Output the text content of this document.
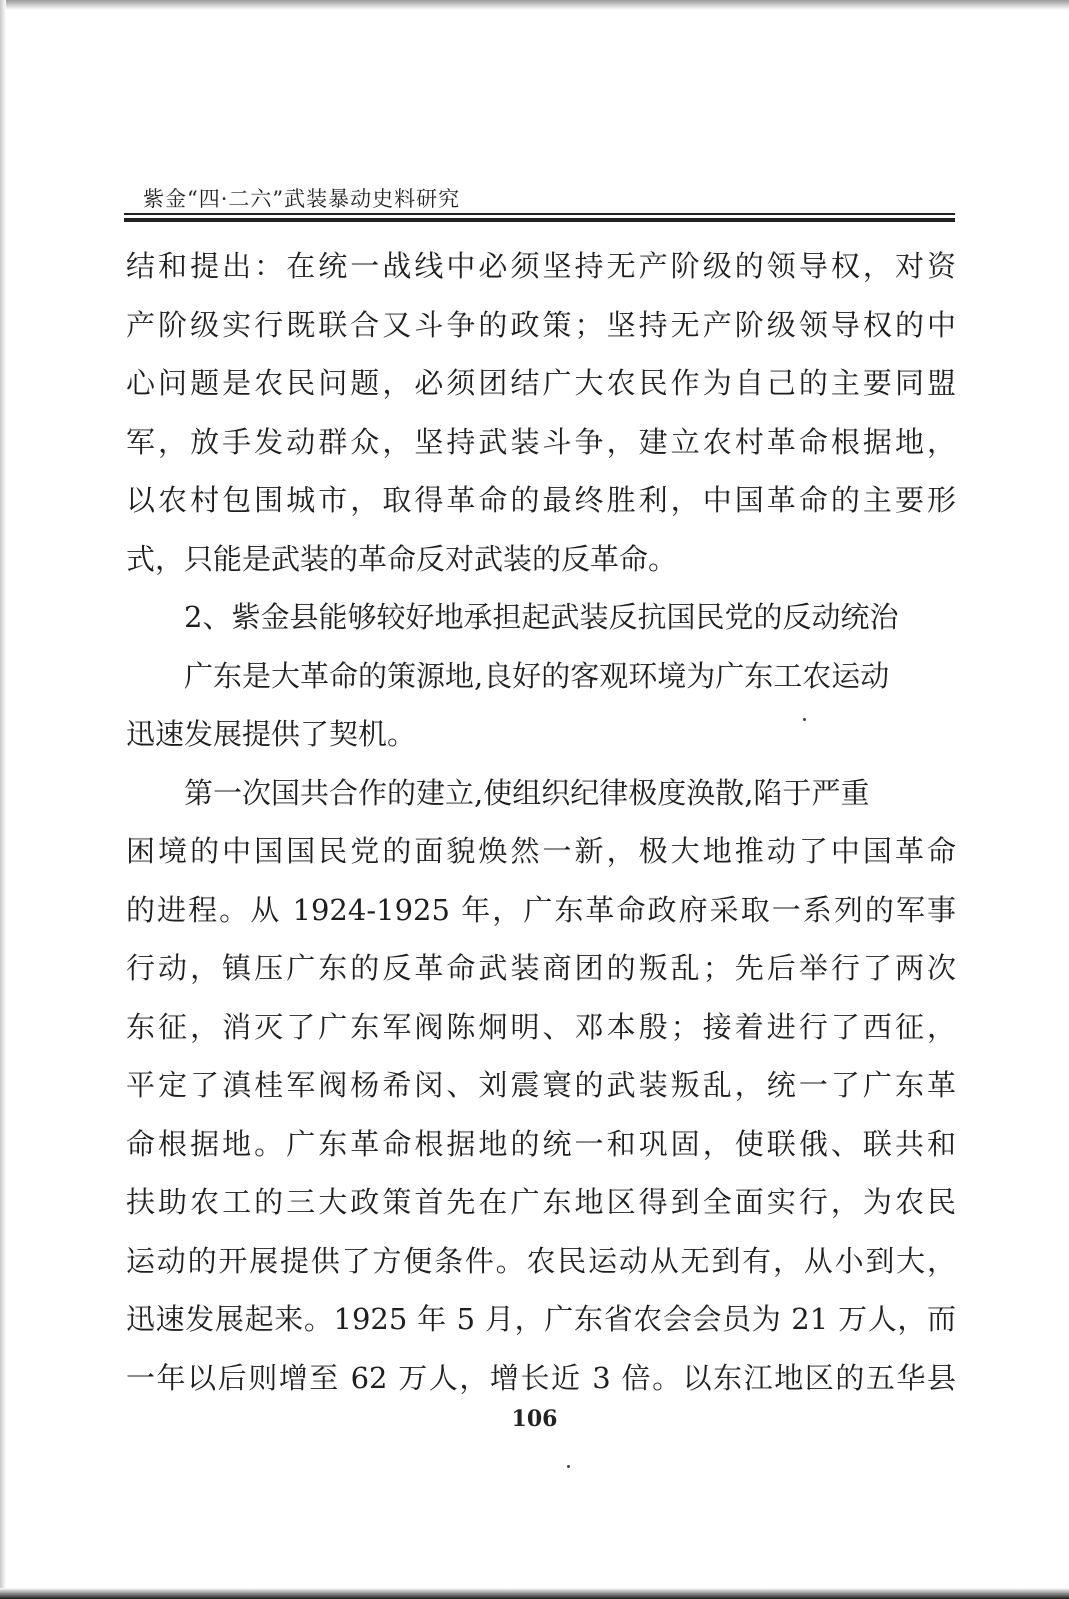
紫金“四·二六”武装暴动史料研究
结和提出：在统一战线中必须坚持无产阶级的领导权，对资
产阶级实行既联合又斗争的政策；坚持无产阶级领导权的中
心问题是农民问题，必须团结广大农民作为自己的主要同盟
军，放手发动群众，坚持武装斗争，建立农村革命根据地，
以农村包围城市，取得革命的最终胜利，中国革命的主要形
式，只能是武装的革命反对武装的反革命。
2、紫金县能够较好地承担起武装反抗国民党的反动统治
广东是大革命的策源地,良好的客观环境为广东工农运动
迅速发展提供了契机。
第一次国共合作的建立,使组织纪律极度涣散,陷于严重
困境的中国国民党的面貌焕然一新，极大地推动了中国革命
的进程。从 1924-1925 年，广东革命政府采取一系列的军事
行动，镇压广东的反革命武装商团的叛乱；先后举行了两次
东征，消灭了广东军阀陈炯明、邓本殷；接着进行了西征，
平定了滇桂军阀杨希闵、刘震寰的武装叛乱，统一了广东革
命根据地。广东革命根据地的统一和巩固，使联俄、联共和
扶助农工的三大政策首先在广东地区得到全面实行，为农民
运动的开展提供了方便条件。农民运动从无到有，从小到大，
迅速发展起来。1925 年 5 月，广东省农会会员为 21 万人，而
一年以后则增至 62 万人，增长近 3 倍。以东江地区的五华县
106
